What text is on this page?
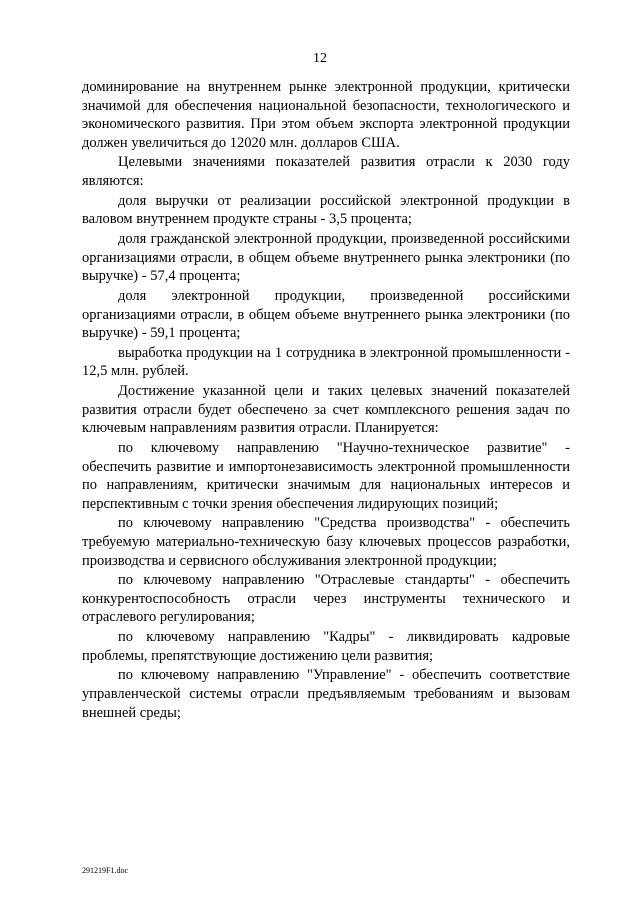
12

доминирование на внутреннем рынке электронной продукции, критически значимой для обеспечения национальной безопасности, технологического и экономического развития. При этом объем экспорта электронной продукции должен увеличиться до 12020 млн. долларов США.

Целевыми значениями показателей развития отрасли к 2030 году являются:

доля выручки от реализации российской электронной продукции в валовом внутреннем продукте страны - 3,5 процента;

доля гражданской электронной продукции, произведенной российскими организациями отрасли, в общем объеме внутреннего рынка электроники (по выручке) - 57,4 процента;

доля электронной продукции, произведенной российскими организациями отрасли, в общем объеме внутреннего рынка электроники (по выручке) - 59,1 процента;

выработка продукции на 1 сотрудника в электронной промышленности - 12,5 млн. рублей.

Достижение указанной цели и таких целевых значений показателей развития отрасли будет обеспечено за счет комплексного решения задач по ключевым направлениям развития отрасли. Планируется:

по ключевому направлению "Научно-техническое развитие" - обеспечить развитие и импортонезависимость электронной промышленности по направлениям, критически значимым для национальных интересов и перспективным с точки зрения обеспечения лидирующих позиций;

по ключевому направлению "Средства производства" - обеспечить требуемую материально-техническую базу ключевых процессов разработки, производства и сервисного обслуживания электронной продукции;

по ключевому направлению "Отраслевые стандарты" - обеспечить конкурентоспособность отрасли через инструменты технического и отраслевого регулирования;

по ключевому направлению "Кадры" - ликвидировать кадровые проблемы, препятствующие достижению цели развития;

по ключевому направлению "Управление" - обеспечить соответствие управленческой системы отрасли предъявляемым требованиям и вызовам внешней среды;

291219F1.doc
